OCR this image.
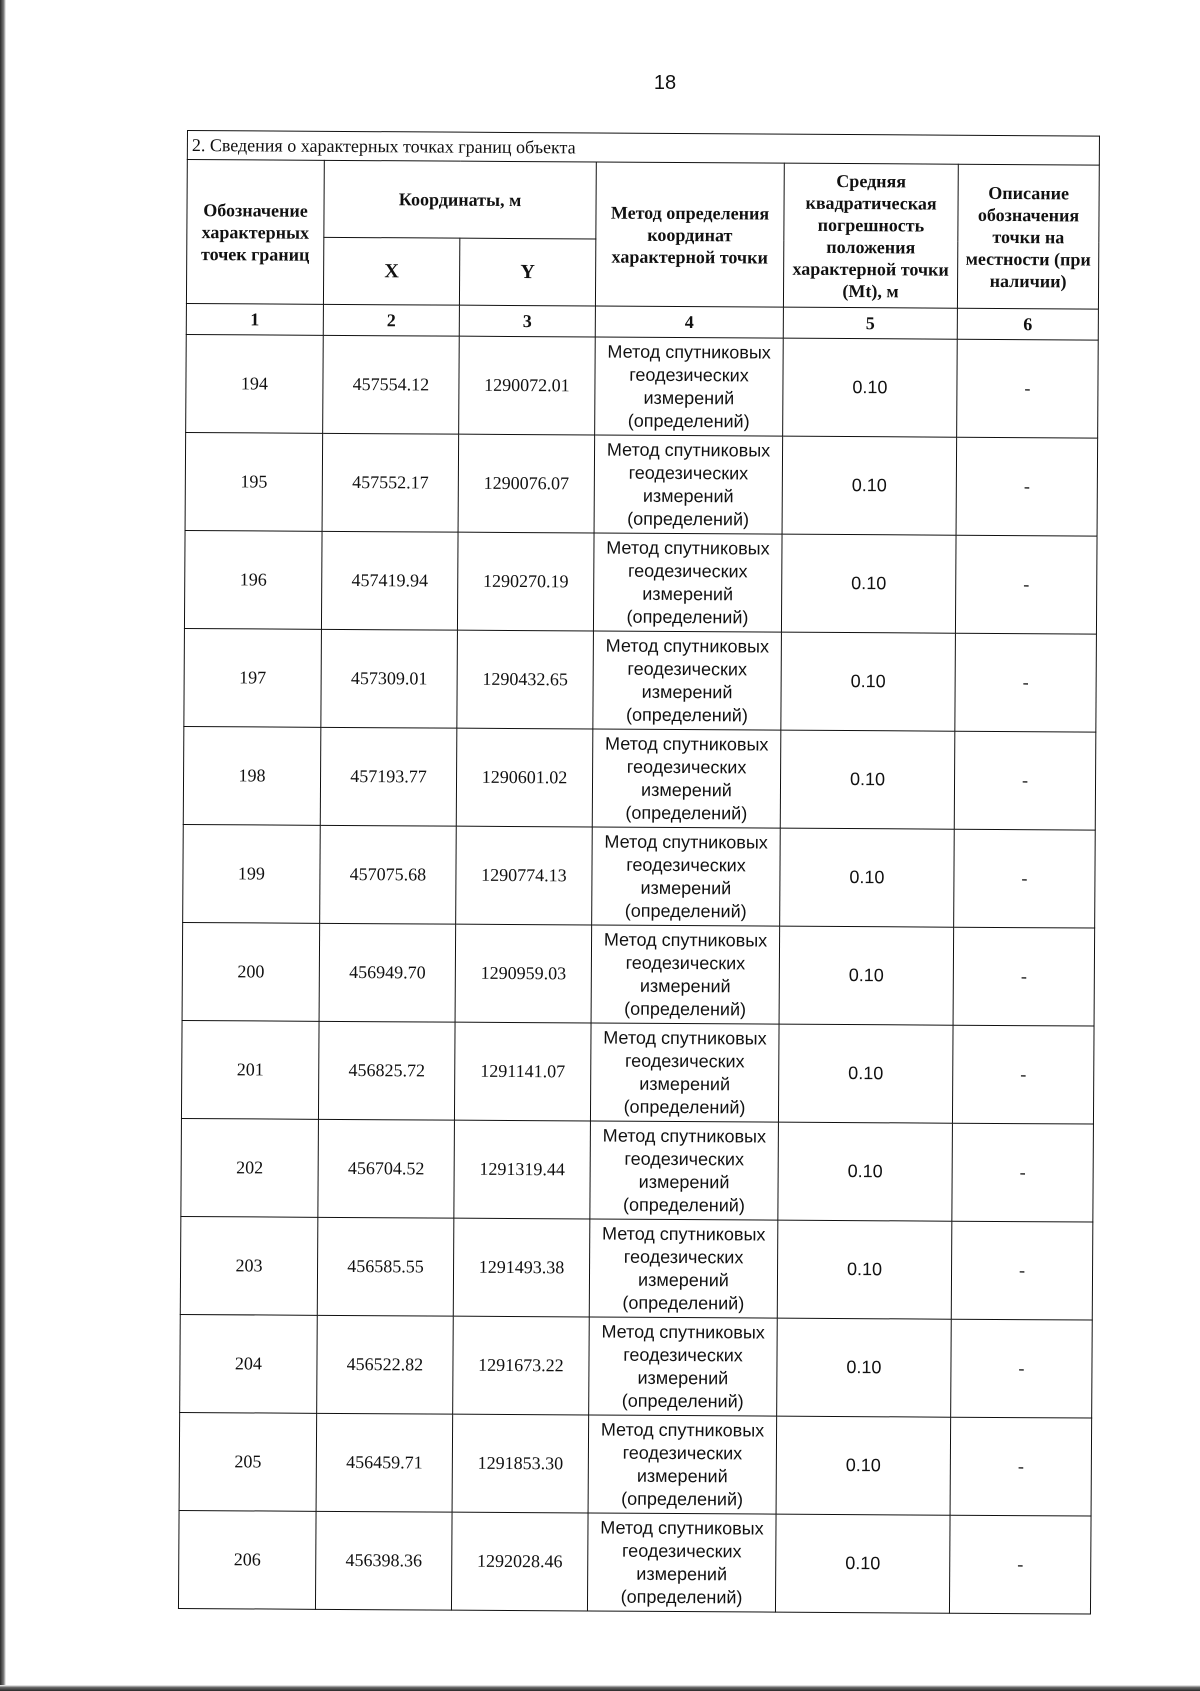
18
2. Сведения о характерных точках границ объекта					
Обозначение характерных точек границ	Координаты, м		Метод определения координат характерной точки	Средняя квадратическая погрешность положения характерной точки (Mt), м	Описание обозначения точки на местности (при наличии)
	X	Y			
1	2	3	4	5	6
194	457554.12	1290072.01	Метод спутниковых геодезических измерений (определений)	0.10	-
195	457552.17	1290076.07	Метод спутниковых геодезических измерений (определений)	0.10	-
196	457419.94	1290270.19	Метод спутниковых геодезических измерений (определений)	0.10	-
197	457309.01	1290432.65	Метод спутниковых геодезических измерений (определений)	0.10	-
198	457193.77	1290601.02	Метод спутниковых геодезических измерений (определений)	0.10	-
199	457075.68	1290774.13	Метод спутниковых геодезических измерений (определений)	0.10	-
200	456949.70	1290959.03	Метод спутниковых геодезических измерений (определений)	0.10	-
201	456825.72	1291141.07	Метод спутниковых геодезических измерений (определений)	0.10	-
202	456704.52	1291319.44	Метод спутниковых геодезических измерений (определений)	0.10	-
203	456585.55	1291493.38	Метод спутниковых геодезических измерений (определений)	0.10	-
204	456522.82	1291673.22	Метод спутниковых геодезических измерений (определений)	0.10	-
205	456459.71	1291853.30	Метод спутниковых геодезических измерений (определений)	0.10	-
206	456398.36	1292028.46	Метод спутниковых геодезических измерений (определений)	0.10	-
